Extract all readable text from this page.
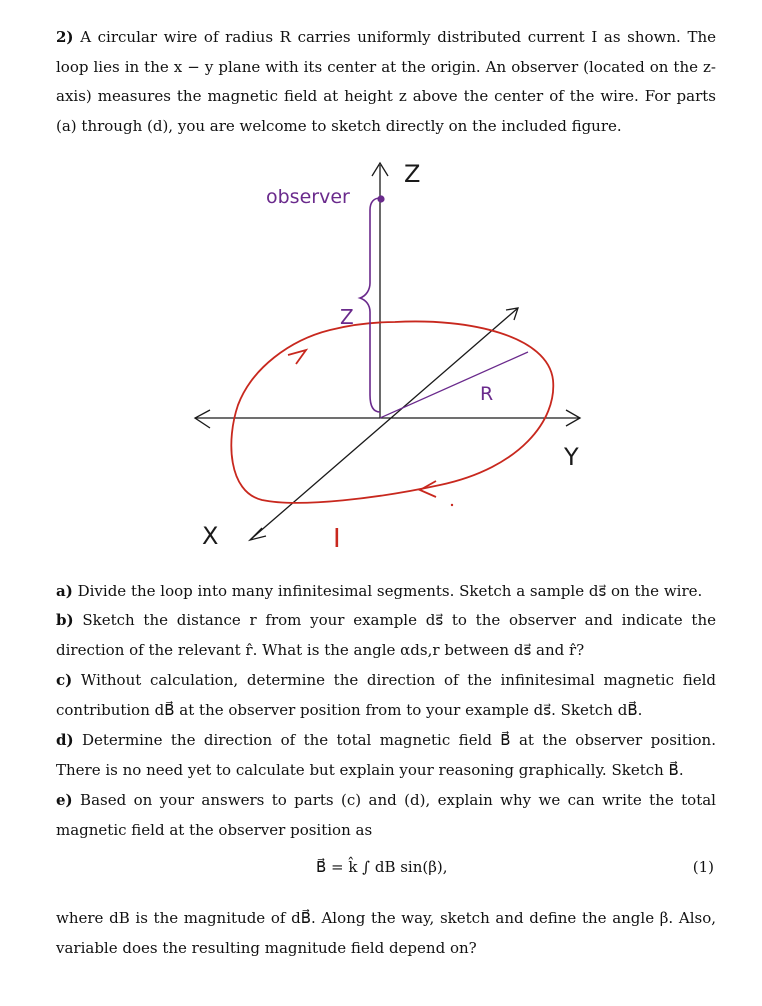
2) A circular wire of radius R carries uniformly distributed current I as shown. The loop lies in the x − y plane with its center at the origin. An observer (located on the z-axis) measures the magnetic field at height z above the center of the wire. For parts (a) through (d), you are welcome to sketch directly on the included figure.
observer
Z
Z
R
Y
X	I
a) Divide the loop into many infinitesimal segments. Sketch a sample ds⃗ on the wire.
b) Sketch the distance r from your example ds⃗ to the observer and indicate the direction of the relevant r̂. What is the angle αds,r between ds⃗ and r̂?
c) Without calculation, determine the direction of the infinitesimal magnetic field contribution dB⃗ at the observer position from to your example ds⃗. Sketch dB⃗.
d) Determine the direction of the total magnetic field B⃗ at the observer position. There is no need yet to calculate but explain your reasoning graphically. Sketch B⃗.
e) Based on your answers to parts (c) and (d), explain why we can write the total magnetic field at the observer position as
B⃗ = k̂ ∫ dB sin(β),	(1)
where dB is the magnitude of dB⃗. Along the way, sketch and define the angle β. Also, variable does the resulting magnitude field depend on?
